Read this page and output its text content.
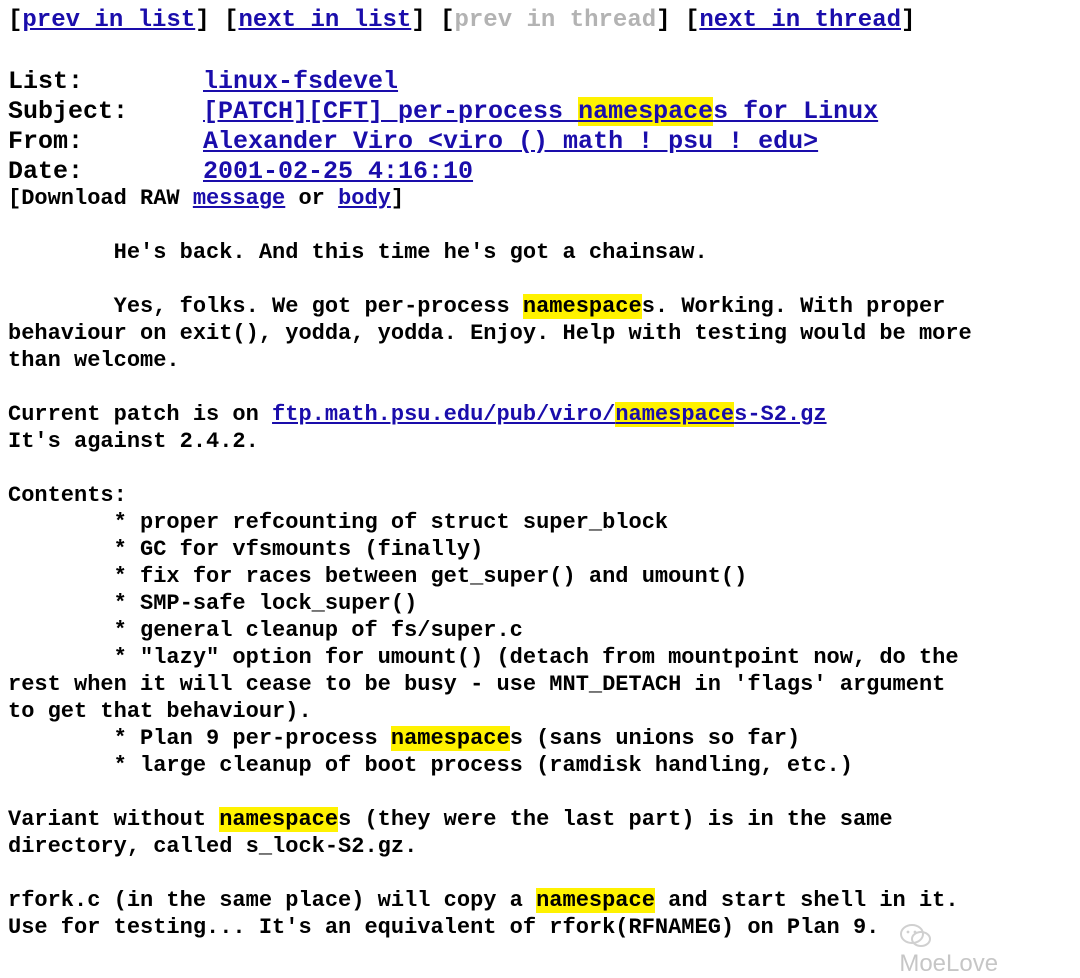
[prev in list] [next in list] [prev in thread] [next in thread]
List:	linux-fsdevel
Subject:	[PATCH][CFT] per-process namespaces for Linux
From:	Alexander Viro <viro () math ! psu ! edu>
Date:	2001-02-25 4:16:10
[Download RAW message or body]
He's back. And this time he's got a chainsaw.
Yes, folks. We got per-process namespaces. Working. With proper
behaviour on exit(), yodda, yodda. Enjoy. Help with testing would be more
than welcome.
Current patch is on ftp.math.psu.edu/pub/viro/namespaces-S2.gz
It's against 2.4.2.
Contents:
* proper refcounting of struct super_block
* GC for vfsmounts (finally)
* fix for races between get_super() and umount()
* SMP-safe lock_super()
* general cleanup of fs/super.c
* "lazy" option for umount() (detach from mountpoint now, do the
rest when it will cease to be busy - use MNT_DETACH in 'flags' argument
to get that behaviour).
* Plan 9 per-process namespaces (sans unions so far)
* large cleanup of boot process (ramdisk handling, etc.)
Variant without namespaces (they were the last part) is in the same
directory, called s_lock-S2.gz.
rfork.c (in the same place) will copy a namespace and start shell in it.
Use for testing... It's an equivalent of rfork(RFNAMEG) on Plan 9.

MoeLove
